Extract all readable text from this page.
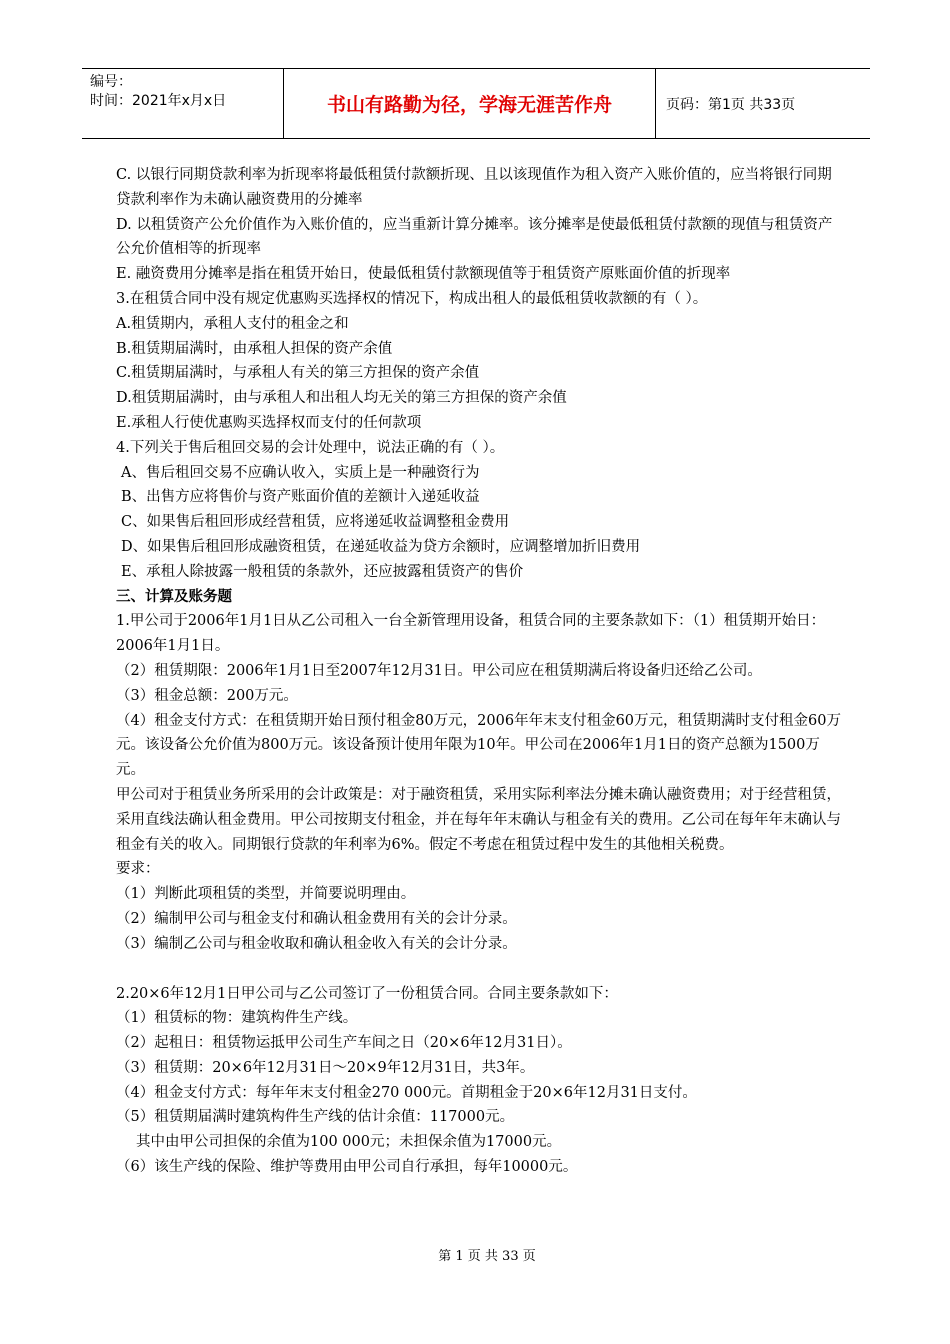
编号：
时间：2021年x月x日	书山有路勤为径，学海无涯苦作舟	页码：第1页 共33页

C. 以银行同期贷款利率为折现率将最低租赁付款额折现、且以该现值作为租入资产入账价值的，应当将银行同期贷款利率作为未确认融资费用的分摊率

D. 以租赁资产公允价值作为入账价值的，应当重新计算分摊率。该分摊率是使最低租赁付款额的现值与租赁资产公允价值相等的折现率

E. 融资费用分摊率是指在租赁开始日，使最低租赁付款额现值等于租赁资产原账面价值的折现率

3.在租赁合同中没有规定优惠购买选择权的情况下，构成出租人的最低租赁收款额的有（ ）。

A.租赁期内，承租人支付的租金之和

B.租赁期届满时，由承租人担保的资产余值

C.租赁期届满时，与承租人有关的第三方担保的资产余值

D.租赁期届满时，由与承租人和出租人均无关的第三方担保的资产余值

E.承租人行使优惠购买选择权而支付的任何款项

4.下列关于售后租回交易的会计处理中，说法正确的有（ ）。

A、售后租回交易不应确认收入，实质上是一种融资行为

B、出售方应将售价与资产账面价值的差额计入递延收益

C、如果售后租回形成经营租赁，应将递延收益调整租金费用

D、如果售后租回形成融资租赁，在递延收益为贷方余额时，应调整增加折旧费用

E、承租人除披露一般租赁的条款外，还应披露租赁资产的售价

三、计算及账务题

1.甲公司于2006年1月1日从乙公司租入一台全新管理用设备，租赁合同的主要条款如下：（1）租赁期开始日：2006年1月1日。

（2）租赁期限：2006年1月1日至2007年12月31日。甲公司应在租赁期满后将设备归还给乙公司。

（3）租金总额：200万元。

（4）租金支付方式：在租赁期开始日预付租金80万元，2006年年末支付租金60万元，租赁期满时支付租金60万元。该设备公允价值为800万元。该设备预计使用年限为10年。甲公司在2006年1月1日的资产总额为1500万元。

甲公司对于租赁业务所采用的会计政策是：对于融资租赁，采用实际利率法分摊未确认融资费用；对于经营租赁，采用直线法确认租金费用。甲公司按期支付租金，并在每年年末确认与租金有关的费用。乙公司在每年年末确认与租金有关的收入。同期银行贷款的年利率为6%。假定不考虑在租赁过程中发生的其他相关税费。

要求：

（1）判断此项租赁的类型，并简要说明理由。

（2）编制甲公司与租金支付和确认租金费用有关的会计分录。

（3）编制乙公司与租金收取和确认租金收入有关的会计分录。

2.20×6年12月1日甲公司与乙公司签订了一份租赁合同。合同主要条款如下：

（1）租赁标的物：建筑构件生产线。

（2）起租日：租赁物运抵甲公司生产车间之日（20×6年12月31日）。

（3）租赁期：20×6年12月31日～20×9年12月31日，共3年。

（4）租金支付方式：每年年末支付租金270 000元。首期租金于20×6年12月31日支付。

（5）租赁期届满时建筑构件生产线的估计余值：117000元。

其中由甲公司担保的余值为100 000元；未担保余值为17000元。

（6）该生产线的保险、维护等费用由甲公司自行承担，每年10000元。

第 1 页 共 33 页
